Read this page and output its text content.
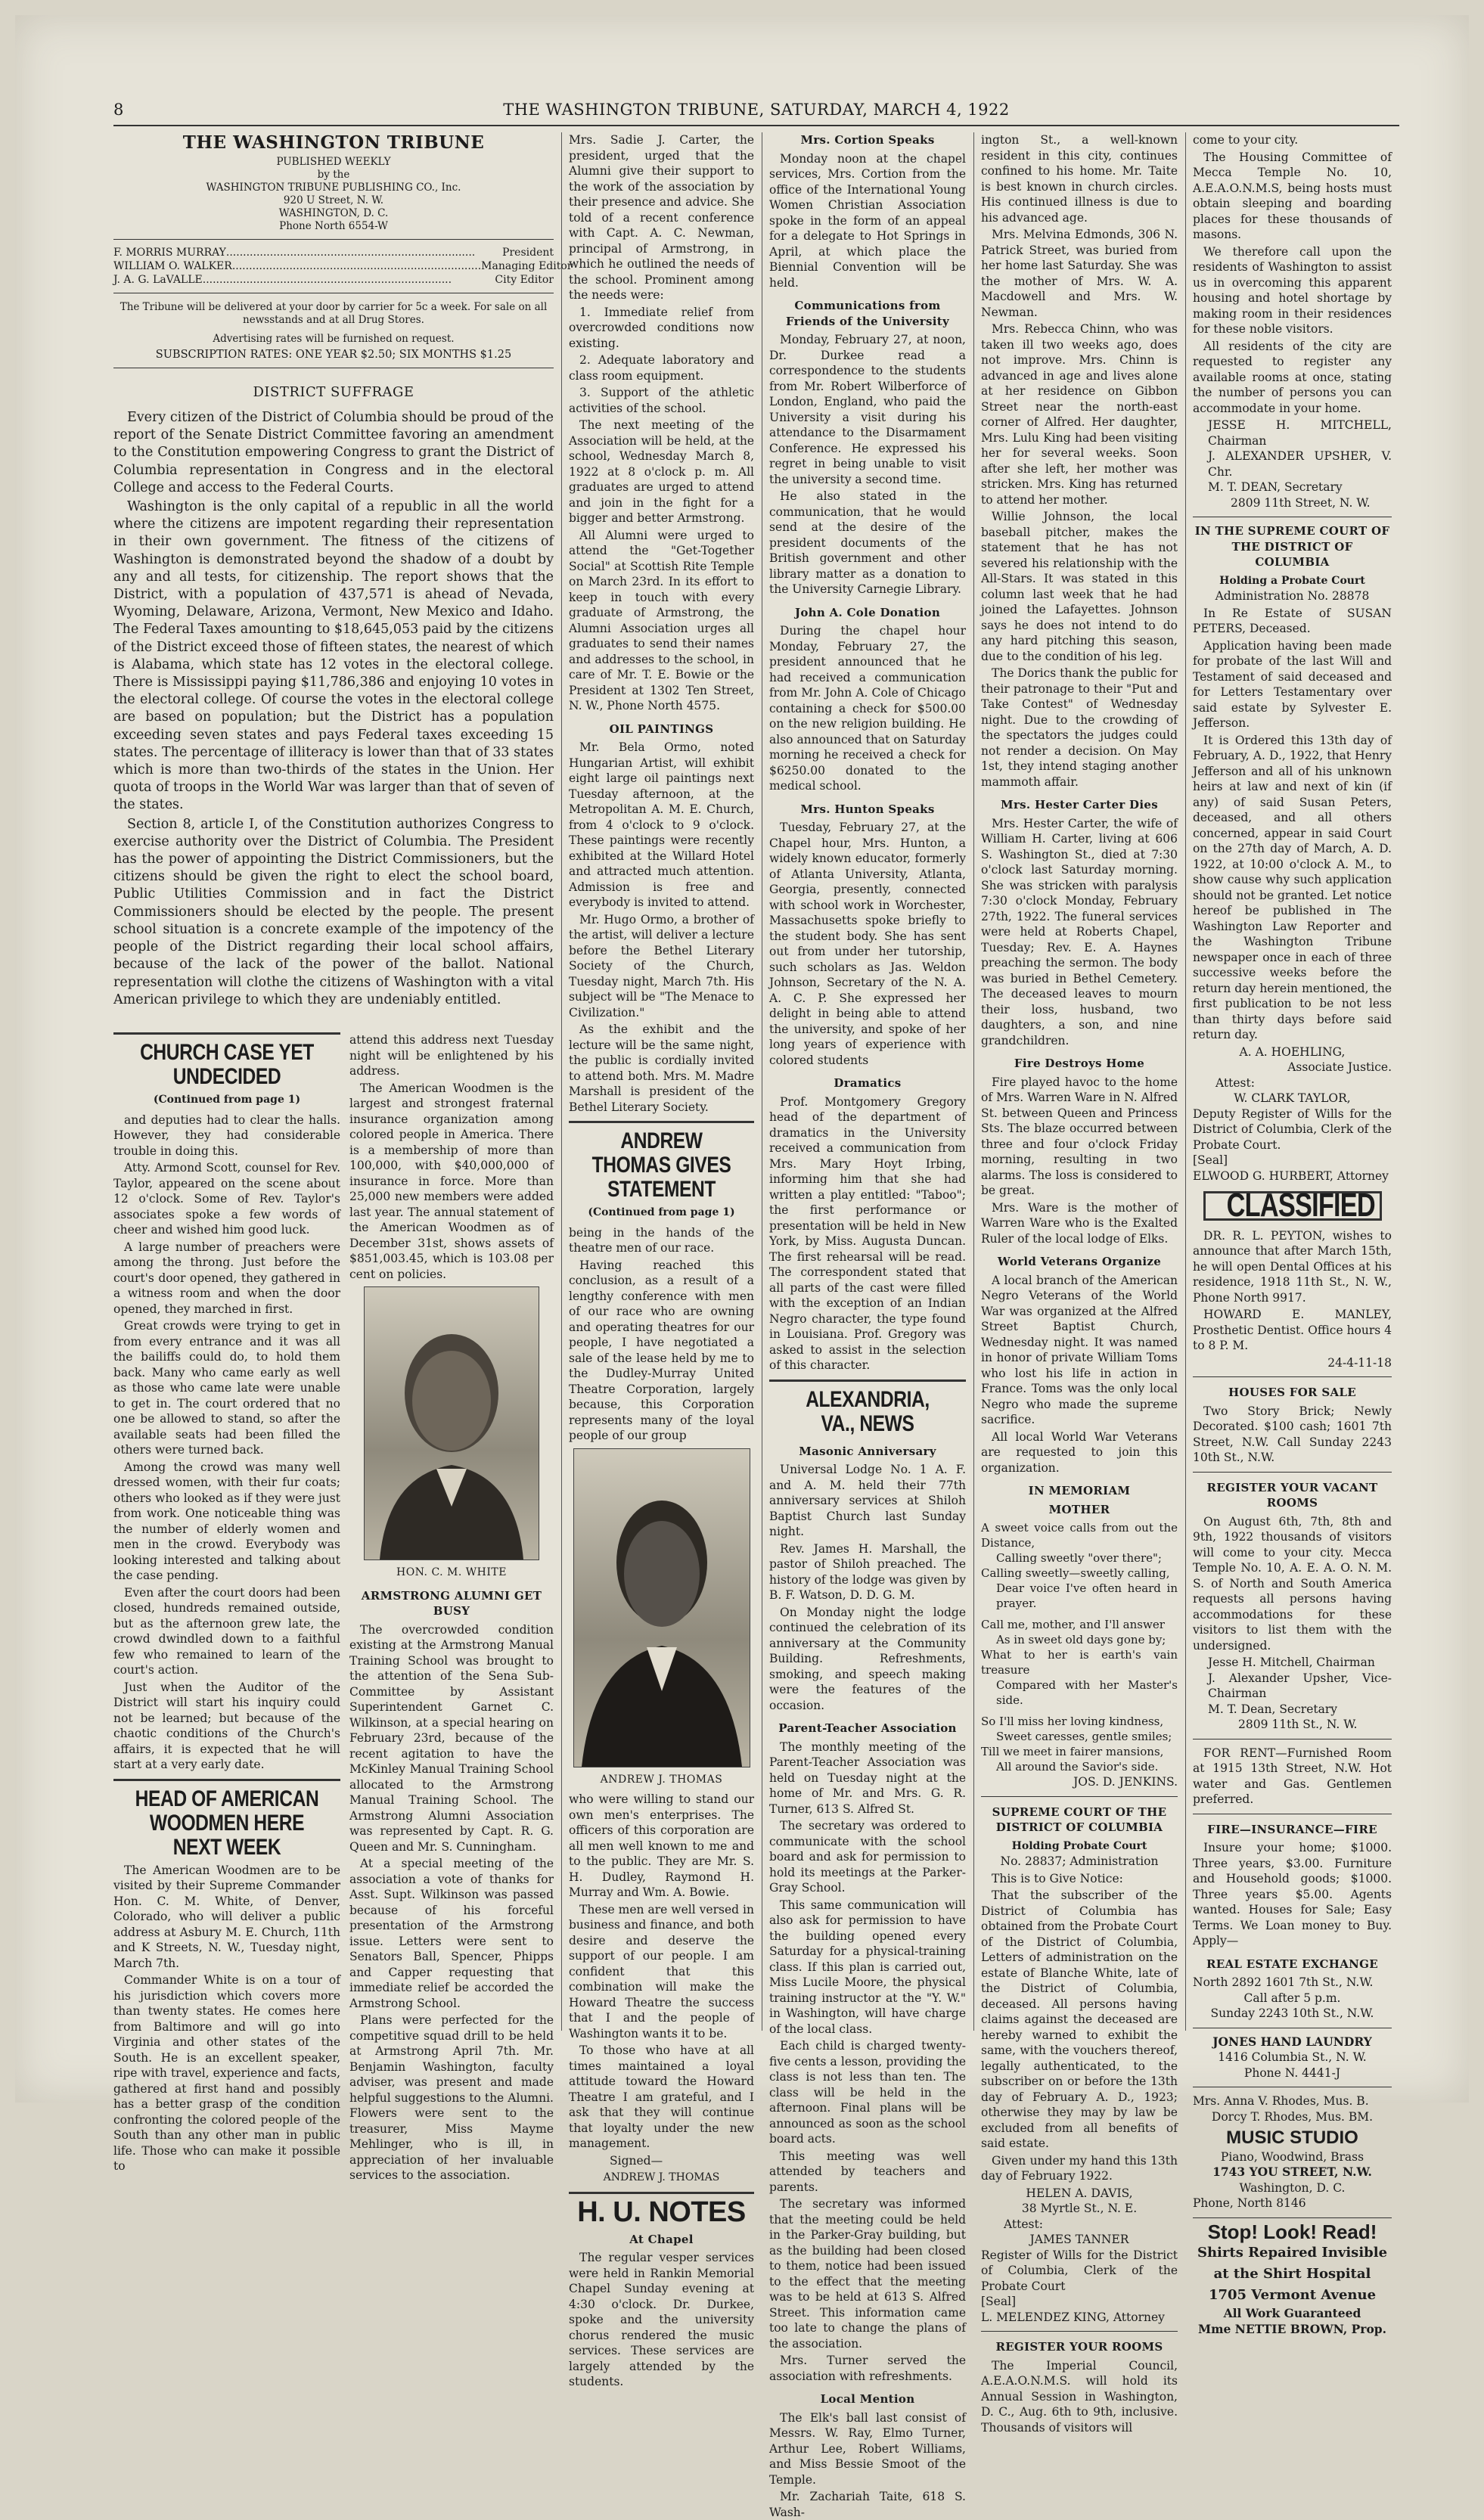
8	THE WASHINGTON TRIBUNE, SATURDAY, MARCH 4, 1922
THE WASHINGTON TRIBUNE
PUBLISHED WEEKLY
by the
WASHINGTON TRIBUNE PUBLISHING CO., Inc.
920 U Street, N. W.
WASHINGTON, D. C.
Phone North 6554-W
F. MORRIS MURRAY ..........................................................................	President
WILLIAM O. WALKER .......................................................................... Managing Editor
J. A. G. LaVALLE ..........................................................................	City Editor
The Tribune will be delivered at your door by carrier for 5c a week. For sale on all newsstands and at all Drug Stores.
Advertising rates will be furnished on request.
SUBSCRIPTION RATES: ONE YEAR $2.50; SIX MONTHS $1.25
DISTRICT SUFFRAGE

Every citizen of the District of Columbia should be proud of the report of the Senate District Committee favoring an amendment to the Constitution empowering Congress to grant the District of Columbia representation in Congress and in the electoral College and access to the Federal Courts.

Washington is the only capital of a republic in all the world where the citizens are impotent regarding their representation in their own government. The fitness of the citizens of Washington is demonstrated beyond the shadow of a doubt by any and all tests, for citizenship. The report shows that the District, with a population of 437,571 is ahead of Nevada, Wyoming, Delaware, Arizona, Vermont, New Mexico and Idaho. The Federal Taxes amounting to $18,645,053 paid by the citizens of the District exceed those of fifteen states, the nearest of which is Alabama, which state has 12 votes in the electoral college. There is Mississippi paying $11,786,386 and enjoying 10 votes in the electoral college. Of course the votes in the electoral college are based on population; but the District has a population exceeding seven states and pays Federal taxes exceeding 15 states. The percentage of illiteracy is lower than that of 33 states which is more than two-thirds of the states in the Union. Her quota of troops in the World War was larger than that of seven of the states.

Section 8, article I, of the Constitution authorizes Congress to exercise authority over the District of Columbia. The President has the power of appointing the District Commissioners, but the citizens should be given the right to elect the school board, Public Utilities Commission and in fact the District Commissioners should be elected by the people. The present school situation is a concrete example of the impotency of the people of the District regarding their local school affairs, because of the lack of the power of the ballot. National representation will clothe the citizens of Washington with a vital American privilege to which they are undeniably entitled.

CHURCH CASE YET UNDECIDED
(Continued from page 1)

and deputies had to clear the halls. However, they had considerable trouble in doing this.

Atty. Armond Scott, counsel for Rev. Taylor, appeared on the scene about 12 o'clock. Some of Rev. Taylor's associates spoke a few words of cheer and wished him good luck.

A large number of preachers were among the throng. Just before the court's door opened, they gathered in a witness room and when the door opened, they marched in first.

Great crowds were trying to get in from every entrance and it was all the bailiffs could do, to hold them back. Many who came early as well as those who came late were unable to get in. The court ordered that no one be allowed to stand, so after the available seats had been filled the others were turned back.

Among the crowd was many well dressed women, with their fur coats; others who looked as if they were just from work. One noticeable thing was the number of elderly women and men in the crowd. Everybody was looking interested and talking about the case pending.

Even after the court doors had been closed, hundreds remained outside, but as the afternoon grew late, the crowd dwindled down to a faithful few who remained to learn of the court's action.

Just when the Auditor of the District will start his inquiry could not be learned; but because of the chaotic conditions of the Church's affairs, it is expected that he will start at a very early date.

HEAD OF AMERICAN WOODMEN HERE NEXT WEEK

The American Woodmen are to be visited by their Supreme Commander Hon. C. M. White, of Denver, Colorado, who will deliver a public address at Asbury M. E. Church, 11th and K Streets, N. W., Tuesday night, March 7th.

Commander White is on a tour of his jurisdiction which covers more than twenty states. He comes here from Baltimore and will go into Virginia and other states of the South. He is an excellent speaker, ripe with travel, experience and facts, gathered at first hand and possibly has a better grasp of the condition confronting the colored people of the South than any other man in public life. Those who can make it possible to

attend this address next Tuesday night will be enlightened by his address.

The American Woodmen is the largest and strongest fraternal insurance organization among colored people in America. There is a membership of more than 100,000, with $40,000,000 of insurance in force. More than 25,000 new members were added last year. The annual statement of the American Woodmen as of December 31st, shows assets of $851,003.45, which is 103.08 per cent on policies.

HON. C. M. WHITE
ARMSTRONG ALUMNI GET BUSY

The overcrowded condition existing at the Armstrong Manual Training School was brought to the attention of the Sena Sub-Committee by Assistant Superintendent Garnet C. Wilkinson, at a special hearing on February 23rd, because of the recent agitation to have the McKinley Manual Training School allocated to the Armstrong Manual Training School. The Armstrong Alumni Association was represented by Capt. R. G. Queen and Mr. S. Cunningham.

At a special meeting of the association a vote of thanks for Asst. Supt. Wilkinson was passed because of his forceful presentation of the Armstrong issue. Letters were sent to Senators Ball, Spencer, Phipps and Capper requesting that immediate relief be accorded the Armstrong School.

Plans were perfected for the competitive squad drill to be held at Armstrong April 7th. Mr. Benjamin Washington, faculty adviser, was present and made helpful suggestions to the Alumni. Flowers were sent to the treasurer, Miss Mayme Mehlinger, who is ill, in appreciation of her invaluable services to the association.

Mrs. Sadie J. Carter, the president, urged that the Alumni give their support to the work of the association by their presence and advice. She told of a recent conference with Capt. A. C. Newman, principal of Armstrong, in which he outlined the needs of the school. Prominent among the needs were:

1. Immediate relief from overcrowded conditions now existing.

2. Adequate laboratory and class room equipment.

3. Support of the athletic activities of the school.

The next meeting of the Association will be held, at the school, Wednesday March 8, 1922 at 8 o'clock p. m. All graduates are urged to attend and join in the fight for a bigger and better Armstrong.

All Alumni were urged to attend the "Get-Together Social" at Scottish Rite Temple on March 23rd. In its effort to keep in touch with every graduate of Armstrong, the Alumni Association urges all graduates to send their names and addresses to the school, in care of Mr. T. E. Bowie or the President at 1302 Ten Street, N. W., Phone North 4575.

OIL PAINTINGS

Mr. Bela Ormo, noted Hungarian Artist, will exhibit eight large oil paintings next Tuesday afternoon, at the Metropolitan A. M. E. Church, from 4 o'clock to 9 o'clock. These paintings were recently exhibited at the Willard Hotel and attracted much attention. Admission is free and everybody is invited to attend.

Mr. Hugo Ormo, a brother of the artist, will deliver a lecture before the Bethel Literary Society of the Church, Tuesday night, March 7th. His subject will be "The Menace to Civilization."

As the exhibit and the lecture will be the same night, the public is cordially invited to attend both. Mrs. M. Madre Marshall is president of the Bethel Literary Society.

ANDREW THOMAS GIVES STATEMENT
(Continued from page 1)

being in the hands of the theatre men of our race.

Having reached this conclusion, as a result of a lengthy conference with men of our race who are owning and operating theatres for our people, I have negotiated a sale of the lease held by me to the Dudley-Murray United Theatre Corporation, largely because, this Corporation represents many of the loyal people of our group

ANDREW J. THOMAS

who were willing to stand our own men's enterprises. The officers of this corporation are all men well known to me and to the public. They are Mr. S. H. Dudley, Raymond H. Murray and Wm. A. Bowie.

These men are well versed in business and finance, and both desire and deserve the support of our people. I am confident that this combination will make the Howard Theatre the success that I and the people of Washington wants it to be.

To those who have at all times maintained a loyal attitude toward the Howard Theatre I am grateful, and I ask that they will continue that loyalty under the new management.

Signed—

ANDREW J. THOMAS
H. U. NOTES
At Chapel

The regular vesper services were held in Rankin Memorial Chapel Sunday evening at 4:30 o'clock. Dr. Durkee, spoke and the university chorus rendered the music services. These services are largely attended by the students.

Mrs. Cortion Speaks

Monday noon at the chapel services, Mrs. Cortion from the office of the International Young Women Christian Association spoke in the form of an appeal for a delegate to Hot Springs in April, at which place the Biennial Convention will be held.

Communications from Friends of the University

Monday, February 27, at noon, Dr. Durkee read a correspondence to the students from Mr. Robert Wilberforce of London, England, who paid the University a visit during his attendance to the Disarmament Conference. He expressed his regret in being unable to visit the university a second time.

He also stated in the communication, that he would send at the desire of the president documents of the British government and other library matter as a donation to the University Carnegie Library.

John A. Cole Donation

During the chapel hour Monday, February 27, the president announced that he had received a communication from Mr. John A. Cole of Chicago containing a check for $500.00 on the new religion building. He also announced that on Saturday morning he received a check for $6250.00 donated to the medical school.

Mrs. Hunton Speaks

Tuesday, February 27, at the Chapel hour, Mrs. Hunton, a widely known educator, formerly of Atlanta University, Atlanta, Georgia, presently, connected with school work in Worchester, Massachusetts spoke briefly to the student body. She has sent out from under her tutorship, such scholars as Jas. Weldon Johnson, Secretary of the N. A. A. C. P. She expressed her delight in being able to attend the university, and spoke of her long years of experience with colored students

Dramatics

Prof. Montgomery Gregory head of the department of dramatics in the University received a communication from Mrs. Mary Hoyt Irbing, informing him that she had written a play entitled: "Taboo"; the first performance or presentation will be held in New York, by Miss. Augusta Duncan. The first rehearsal will be read. The correspondent stated that all parts of the cast were filled with the exception of an Indian Negro character, the type found in Louisiana. Prof. Gregory was asked to assist in the selection of this character.

ALEXANDRIA, VA., NEWS
Masonic Anniversary

Universal Lodge No. 1 A. F. and A. M. held their 77th anniversary services at Shiloh Baptist Church last Sunday night.

Rev. James H. Marshall, the pastor of Shiloh preached. The history of the lodge was given by B. F. Watson, D. D. G. M.

On Monday night the lodge continued the celebration of its anniversary at the Community Building. Refreshments, smoking, and speech making were the features of the occasion.

Parent-Teacher Association

The monthly meeting of the Parent-Teacher Association was held on Tuesday night at the home of Mr. and Mrs. G. R. Turner, 613 S. Alfred St.

The secretary was ordered to communicate with the school board and ask for permission to hold its meetings at the Parker-Gray School.

This same communication will also ask for permission to have the building opened every Saturday for a physical-training class. If this plan is carried out, Miss Lucile Moore, the physical training instructor at the "Y. W." in Washington, will have charge of the local class.

Each child is charged twenty-five cents a lesson, providing the class is not less than ten. The class will be held in the afternoon. Final plans will be announced as soon as the school board acts.

This meeting was well attended by teachers and parents.

The secretary was informed that the meeting could be held in the Parker-Gray building, but as the building had been closed to them, notice had been issued to the effect that the meeting was to be held at 613 S. Alfred Street. This information came too late to change the plans of the association.

Mrs. Turner served the association with refreshments.

Local Mention

The Elk's ball last consist of Messrs. W. Ray, Elmo Turner, Arthur Lee, Robert Williams, and Miss Bessie Smoot of the Temple.

Mr. Zachariah Taite, 618 S. Wash-

ington St., a well-known resident in this city, continues confined to his home. Mr. Taite is best known in church circles. His continued illness is due to his advanced age.

Mrs. Melvina Edmonds, 306 N. Patrick Street, was buried from her home last Saturday. She was the mother of Mrs. W. A. Macdowell and Mrs. W. Newman.

Mrs. Rebecca Chinn, who was taken ill two weeks ago, does not improve. Mrs. Chinn is advanced in age and lives alone at her residence on Gibbon Street near the north-east corner of Alfred. Her daughter, Mrs. Lulu King had been visiting her for several weeks. Soon after she left, her mother was stricken. Mrs. King has returned to attend her mother.

Willie Johnson, the local baseball pitcher, makes the statement that he has not severed his relationship with the All-Stars. It was stated in this column last week that he had joined the Lafayettes. Johnson says he does not intend to do any hard pitching this season, due to the condition of his leg.

The Dorics thank the public for their patronage to their "Put and Take Contest" of Wednesday night. Due to the crowding of the spectators the judges could not render a decision. On May 1st, they intend staging another mammoth affair.

Mrs. Hester Carter Dies

Mrs. Hester Carter, the wife of William H. Carter, living at 606 S. Washington St., died at 7:30 o'clock last Saturday morning. She was stricken with paralysis 7:30 o'clock Monday, February 27th, 1922. The funeral services were held at Roberts Chapel, Tuesday; Rev. E. A. Haynes preaching the sermon. The body was buried in Bethel Cemetery. The deceased leaves to mourn their loss, husband, two daughters, a son, and nine grandchildren.

Fire Destroys Home

Fire played havoc to the home of Mrs. Warren Ware in N. Alfred St. between Queen and Princess Sts. The blaze occurred between three and four o'clock Friday morning, resulting in two alarms. The loss is considered to be great.

Mrs. Ware is the mother of Warren Ware who is the Exalted Ruler of the local lodge of Elks.

World Veterans Organize

A local branch of the American Negro Veterans of the World War was organized at the Alfred Street Baptist Church, Wednesday night. It was named in honor of private William Toms who lost his life in action in France. Toms was the only local Negro who made the supreme sacrifice.

All local World War Veterans are requested to join this organization.

IN MEMORIAM
MOTHER
A sweet voice calls from out the Distance,
Calling sweetly "over there";
Calling sweetly—sweetly calling,
Dear voice I've often heard in prayer.
Call me, mother, and I'll answer
As in sweet old days gone by;
What to her is earth's vain treasure
Compared with her Master's side.
So I'll miss her loving kindness,
Sweet caresses, gentle smiles;
Till we meet in fairer mansions,
All around the Savior's side.
JOS. D. JENKINS.
SUPREME COURT OF THE DISTRICT OF COLUMBIA
Holding Probate Court

No. 28837; Administration

This is to Give Notice:

That the subscriber of the District of Columbia has obtained from the Probate Court of the District of Columbia, Letters of administration on the estate of Blanche White, late of the District of Columbia, deceased. All persons having claims against the deceased are hereby warned to exhibit the same, with the vouchers thereof, legally authenticated, to the subscriber on or before the 13th day of February A. D., 1923; otherwise they may by law be excluded from all benefits of said estate.

Given under my hand this 13th day of February 1922.

HELEN A. DAVIS,
38 Myrtle St., N. E.
Attest:
JAMES TANNER
Register of Wills for the District of Columbia, Clerk of the Probate Court
[Seal]
L. MELENDEZ KING, Attorney
REGISTER YOUR ROOMS

The Imperial Council, A.E.A.O.N.M.S. will hold its Annual Session in Washington, D. C., Aug. 6th to 9th, inclusive. Thousands of visitors will

come to your city.

The Housing Committee of Mecca Temple No. 10, A.E.A.O.N.M.S, being hosts must obtain sleeping and boarding places for these thousands of masons.

We therefore call upon the residents of Washington to assist us in overcoming this apparent housing and hotel shortage by making room in their residences for these noble visitors.

All residents of the city are requested to register any available rooms at once, stating the number of persons you can accommodate in your home.

JESSE H. MITCHELL, Chairman
J. ALEXANDER UPSHER, V. Chr.
M. T. DEAN, Secretary
2809 11th Street, N. W.
IN THE SUPREME COURT OF THE DISTRICT OF COLUMBIA
Holding a Probate Court

Administration No. 28878

In Re Estate of SUSAN PETERS, Deceased.

Application having been made for probate of the last Will and Testament of said deceased and for Letters Testamentary over said estate by Sylvester E. Jefferson.

It is Ordered this 13th day of February, A. D., 1922, that Henry Jefferson and all of his unknown heirs at law and next of kin (if any) of said Susan Peters, deceased, and all others concerned, appear in said Court on the 27th day of March, A. D. 1922, at 10:00 o'clock A. M., to show cause why such application should not be granted. Let notice hereof be published in The Washington Law Reporter and the Washington Tribune newspaper once in each of three successive weeks before the return day herein mentioned, the first publication to be not less than thirty days before said return day.

A. A. HOEHLING,
Associate Justice.
Attest:
W. CLARK TAYLOR,
Deputy Register of Wills for the District of Columbia, Clerk of the Probate Court.
[Seal]
ELWOOD G. HURBERT, Attorney
CLASSIFIED

DR. R. L. PEYTON, wishes to announce that after March 15th, he will open Dental Offices at his residence, 1918 11th St., N. W., Phone North 9917.

HOWARD E. MANLEY, Prosthetic Dentist. Office hours 4 to 8 P. M.

24-4-11-18
HOUSES FOR SALE

Two Story Brick; Newly Decorated. $100 cash; 1601 7th Street, N.W. Call Sunday 2243 10th St., N.W.

REGISTER YOUR VACANT ROOMS

On August 6th, 7th, 8th and 9th, 1922 thousands of visitors will come to your city. Mecca Temple No. 10, A. E. A. O. N. M. S. of North and South America requests all persons having accommodations for these visitors to list them with the undersigned.

Jesse H. Mitchell, Chairman
J. Alexander Upsher, Vice-Chairman
M. T. Dean, Secretary
2809 11th St., N. W.

FOR RENT—Furnished Room at 1915 13th Street, N.W. Hot water and Gas. Gentlemen preferred.

FIRE—INSURANCE—FIRE

Insure your home; $1000. Three years, $3.00. Furniture and Household goods; $1000. Three years $5.00. Agents wanted. Houses for Sale; Easy Terms. We Loan money to Buy. Apply—

REAL ESTATE EXCHANGE
North 2892 1601 7th St., N.W.
Call after 5 p.m.
Sunday 2243 10th St., N.W.
JONES HAND LAUNDRY
1416 Columbia St., N. W.
Phone N. 4441-J
Mrs. Anna V. Rhodes, Mus. B.
Dorcy T. Rhodes, Mus. BM.
MUSIC STUDIO
Piano, Woodwind, Brass
1743 YOU STREET, N.W.
Washington, D. C.
Phone, North 8146
Stop! Look! Read!
Shirts Repaired Invisible
at the Shirt Hospital
1705 Vermont Avenue
All Work Guaranteed
Mme NETTIE BROWN, Prop.
